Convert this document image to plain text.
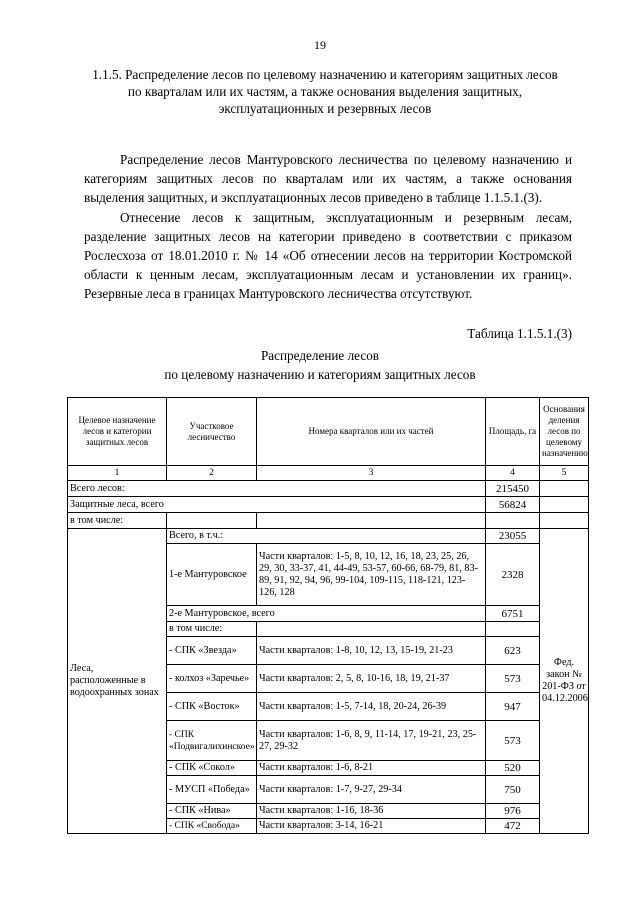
19
1.1.5. Распределение лесов по целевому назначению и категориям защитных лесов по кварталам или их частям, а также основания выделения защитных, эксплуатационных и резервных лесов

Распределение лесов Мантуровского лесничества по целевому назначению и категориям защитных лесов по кварталам или их частям, а также основания выделения защитных, и эксплуатационных лесов приведено в таблице 1.1.5.1.(3).

Отнесение лесов к защитным, эксплуатационным и резервным лесам, разделение защитных лесов на категории приведено в соответствии с приказом Рослесхоза от 18.01.2010 г. № 14 «Об отнесении лесов на территории Костромской области к ценным лесам, эксплуатационным лесам и установлении их границ». Резервные леса в границах Мантуровского лесничества отсутствуют.

Таблица 1.1.5.1.(3)
Распределение лесов
по целевому назначению и категориям защитных лесов
Целевое назначение лесов и категории защитных лесов	Участковое лесничество	Номера кварталов или их частей	Площадь, га	Основания деления лесов по целевому назначению
1	2	3	4	5
Всего лесов:			215450	
Защитные леса, всего			56824	
в том числе:				
Леса, расположенные в водоохранных зонах	Всего, в т.ч.:		23055	Фед. закон № 201-ФЗ от 04.12.2006
	1-е Мантуровское	Части кварталов: 1-5, 8, 10, 12, 16, 18, 23, 25, 26, 29, 30, 33-37, 41, 44-49, 53-57, 60-66, 68-79, 81, 83-89, 91, 92, 94, 96, 99-104, 109-115, 118-121, 123-126, 128	2328	
	2-е Мантуровское, всего		6751	
	в том числе:			
	- СПК «Звезда»	Части кварталов: 1-8, 10, 12, 13, 15-19, 21-23	623	
	- колхоз «Заречье»	Части кварталов: 2, 5, 8, 10-16, 18, 19, 21-37	573	
	- СПК «Восток»	Части кварталов: 1-5, 7-14, 18, 20-24, 26-39	947	
	- СПК «Подвигалихинское»	Части кварталов: 1-6, 8, 9, 11-14, 17, 19-21, 23, 25-27, 29-32	573	
	- СПК «Сокол»	Части кварталов: 1-6, 8-21	520	
	- МУСП «Победа»	Части кварталов: 1-7, 9-27, 29-34	750	
	- СПК «Нива»	Части кварталов: 1-16, 18-36	976	
	- СПК «Свобода»	Части кварталов: 3-14, 16-21	472	
